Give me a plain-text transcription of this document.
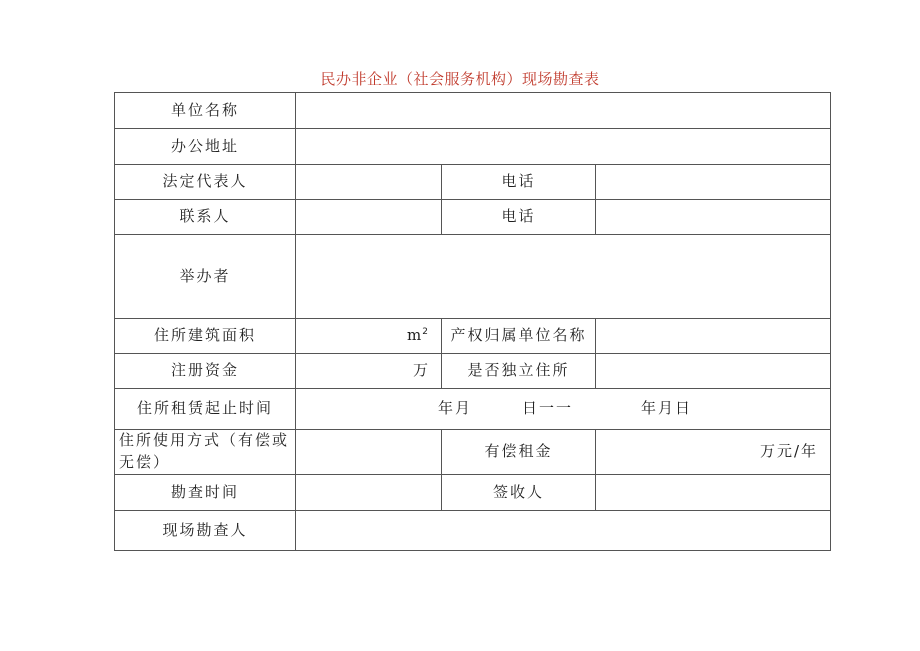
民办非企业（社会服务机构）现场勘查表
单位名称			
办公地址			
法定代表人		电话	
联系人		电话	
举办者			
住所建筑面积	$m^2$	产权归属单位名称	
注册资金	万	是否独立住所	
住所租赁起止时间	年月 日一一 年月日		
住所使用方式（有偿或无偿）		有偿租金	万元/年
勘查时间		签收人	
现场勘查人			
